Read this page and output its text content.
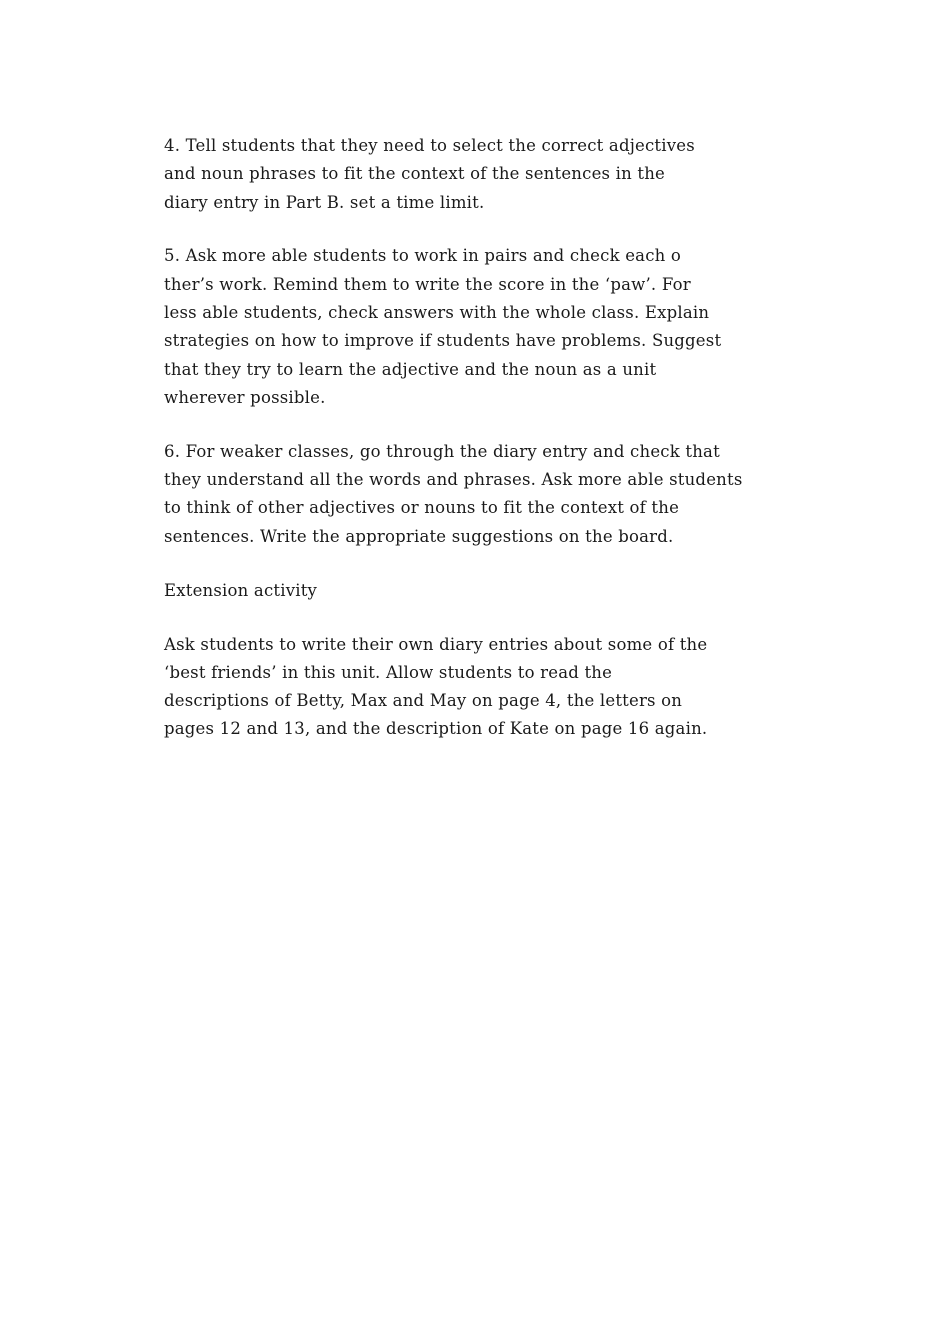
4. Tell students that they need to select the correct adjectives
and noun phrases to fit the context of the sentences in the
diary entry in Part B. set a time limit.
5. Ask more able students to work in pairs and check each o
ther’s work. Remind them to write the score in the ‘paw’. For
less able students, check answers with the whole class. Explain
strategies on how to improve if students have problems. Suggest
that they try to learn the adjective and the noun as a unit
wherever possible.
6. For weaker classes, go through the diary entry and check that
they understand all the words and phrases. Ask more able students
to think of other adjectives or nouns to fit the context of the
sentences. Write the appropriate suggestions on the board.
Extension activity
Ask students to write their own diary entries about some of the
‘best friends’ in this unit. Allow students to read the
descriptions of Betty, Max and May on page 4, the letters on
pages 12 and 13, and the description of Kate on page 16 again.
